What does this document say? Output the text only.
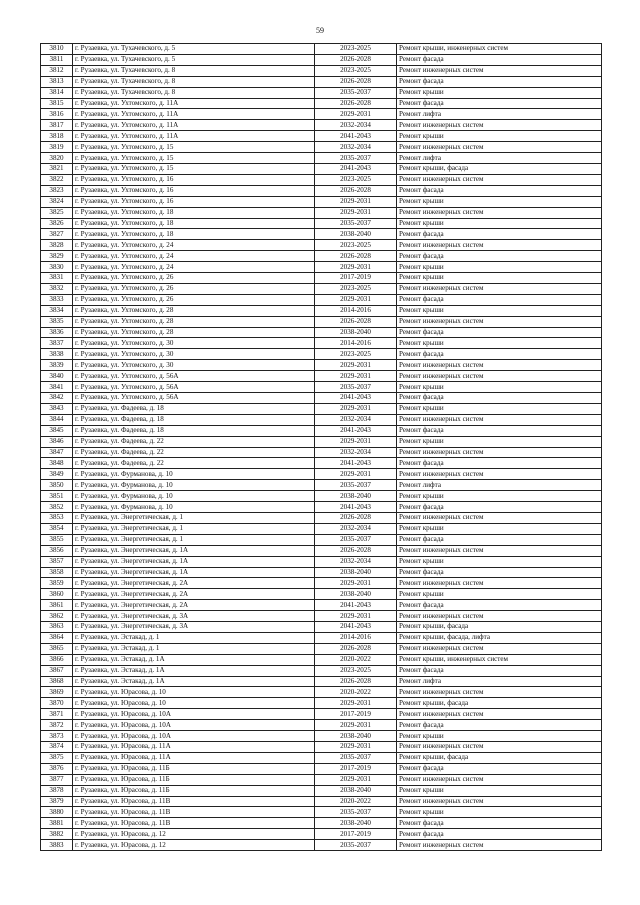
59
3810	г. Рузаевка, ул. Тухачевского, д. 5	2023-2025	Ремонт крыши, инженерных систем
3811	г. Рузаевка, ул. Тухачевского, д. 5	2026-2028	Ремонт фасада
3812	г. Рузаевка, ул. Тухачевского, д. 8	2023-2025	Ремонт инженерных систем
3813	г. Рузаевка, ул. Тухачевского, д. 8	2026-2028	Ремонт фасада
3814	г. Рузаевка, ул. Тухачевского, д. 8	2035-2037	Ремонт крыши
3815	г. Рузаевка, ул. Ухтомского, д. 11А	2026-2028	Ремонт фасада
3816	г. Рузаевка, ул. Ухтомского, д. 11А	2029-2031	Ремонт лифта
3817	г. Рузаевка, ул. Ухтомского, д. 11А	2032-2034	Ремонт инженерных систем
3818	г. Рузаевка, ул. Ухтомского, д. 11А	2041-2043	Ремонт крыши
3819	г. Рузаевка, ул. Ухтомского, д. 15	2032-2034	Ремонт инженерных систем
3820	г. Рузаевка, ул. Ухтомского, д. 15	2035-2037	Ремонт лифта
3821	г. Рузаевка, ул. Ухтомского, д. 15	2041-2043	Ремонт крыши, фасада
3822	г. Рузаевка, ул. Ухтомского, д. 16	2023-2025	Ремонт инженерных систем
3823	г. Рузаевка, ул. Ухтомского, д. 16	2026-2028	Ремонт фасада
3824	г. Рузаевка, ул. Ухтомского, д. 16	2029-2031	Ремонт крыши
3825	г. Рузаевка, ул. Ухтомского, д. 18	2029-2031	Ремонт инженерных систем
3826	г. Рузаевка, ул. Ухтомского, д. 18	2035-2037	Ремонт крыши
3827	г. Рузаевка, ул. Ухтомского, д. 18	2038-2040	Ремонт фасада
3828	г. Рузаевка, ул. Ухтомского, д. 24	2023-2025	Ремонт инженерных систем
3829	г. Рузаевка, ул. Ухтомского, д. 24	2026-2028	Ремонт фасада
3830	г. Рузаевка, ул. Ухтомского, д. 24	2029-2031	Ремонт крыши
3831	г. Рузаевка, ул. Ухтомского, д. 26	2017-2019	Ремонт крыши
3832	г. Рузаевка, ул. Ухтомского, д. 26	2023-2025	Ремонт инженерных систем
3833	г. Рузаевка, ул. Ухтомского, д. 26	2029-2031	Ремонт фасада
3834	г. Рузаевка, ул. Ухтомского, д. 28	2014-2016	Ремонт крыши
3835	г. Рузаевка, ул. Ухтомского, д. 28	2026-2028	Ремонт инженерных систем
3836	г. Рузаевка, ул. Ухтомского, д. 28	2038-2040	Ремонт фасада
3837	г. Рузаевка, ул. Ухтомского, д. 30	2014-2016	Ремонт крыши
3838	г. Рузаевка, ул. Ухтомского, д. 30	2023-2025	Ремонт фасада
3839	г. Рузаевка, ул. Ухтомского, д. 30	2029-2031	Ремонт инженерных систем
3840	г. Рузаевка, ул. Ухтомского, д. 56А	2029-2031	Ремонт инженерных систем
3841	г. Рузаевка, ул. Ухтомского, д. 56А	2035-2037	Ремонт крыши
3842	г. Рузаевка, ул. Ухтомского, д. 56А	2041-2043	Ремонт фасада
3843	г. Рузаевка, ул. Фадеева, д. 18	2029-2031	Ремонт крыши
3844	г. Рузаевка, ул. Фадеева, д. 18	2032-2034	Ремонт инженерных систем
3845	г. Рузаевка, ул. Фадеева, д. 18	2041-2043	Ремонт фасада
3846	г. Рузаевка, ул. Фадеева, д. 22	2029-2031	Ремонт крыши
3847	г. Рузаевка, ул. Фадеева, д. 22	2032-2034	Ремонт инженерных систем
3848	г. Рузаевка, ул. Фадеева, д. 22	2041-2043	Ремонт фасада
3849	г. Рузаевка, ул. Фурманова, д. 10	2029-2031	Ремонт инженерных систем
3850	г. Рузаевка, ул. Фурманова, д. 10	2035-2037	Ремонт лифта
3851	г. Рузаевка, ул. Фурманова, д. 10	2038-2040	Ремонт крыши
3852	г. Рузаевка, ул. Фурманова, д. 10	2041-2043	Ремонт фасада
3853	г. Рузаевка, ул. Энергетическая, д. 1	2026-2028	Ремонт инженерных систем
3854	г. Рузаевка, ул. Энергетическая, д. 1	2032-2034	Ремонт крыши
3855	г. Рузаевка, ул. Энергетическая, д. 1	2035-2037	Ремонт фасада
3856	г. Рузаевка, ул. Энергетическая, д. 1А	2026-2028	Ремонт инженерных систем
3857	г. Рузаевка, ул. Энергетическая, д. 1А	2032-2034	Ремонт крыши
3858	г. Рузаевка, ул. Энергетическая, д. 1А	2038-2040	Ремонт фасада
3859	г. Рузаевка, ул. Энергетическая, д. 2А	2029-2031	Ремонт инженерных систем
3860	г. Рузаевка, ул. Энергетическая, д. 2А	2038-2040	Ремонт крыши
3861	г. Рузаевка, ул. Энергетическая, д. 2А	2041-2043	Ремонт фасада
3862	г. Рузаевка, ул. Энергетическая, д. 3А	2029-2031	Ремонт инженерных систем
3863	г. Рузаевка, ул. Энергетическая, д. 3А	2041-2043	Ремонт крыши, фасада
3864	г. Рузаевка, ул. Эстакад, д. 1	2014-2016	Ремонт крыши, фасада, лифта
3865	г. Рузаевка, ул. Эстакад, д. 1	2026-2028	Ремонт инженерных систем
3866	г. Рузаевка, ул. Эстакад, д. 1А	2020-2022	Ремонт крыши, инженерных систем
3867	г. Рузаевка, ул. Эстакад, д. 1А	2023-2025	Ремонт фасада
3868	г. Рузаевка, ул. Эстакад, д. 1А	2026-2028	Ремонт лифта
3869	г. Рузаевка, ул. Юрасова, д. 10	2020-2022	Ремонт инженерных систем
3870	г. Рузаевка, ул. Юрасова, д. 10	2029-2031	Ремонт крыши, фасада
3871	г. Рузаевка, ул. Юрасова, д. 10А	2017-2019	Ремонт инженерных систем
3872	г. Рузаевка, ул. Юрасова, д. 10А	2029-2031	Ремонт фасада
3873	г. Рузаевка, ул. Юрасова, д. 10А	2038-2040	Ремонт крыши
3874	г. Рузаевка, ул. Юрасова, д. 11А	2029-2031	Ремонт инженерных систем
3875	г. Рузаевка, ул. Юрасова, д. 11А	2035-2037	Ремонт крыши, фасада
3876	г. Рузаевка, ул. Юрасова, д. 11Б	2017-2019	Ремонт фасада
3877	г. Рузаевка, ул. Юрасова, д. 11Б	2029-2031	Ремонт инженерных систем
3878	г. Рузаевка, ул. Юрасова, д. 11Б	2038-2040	Ремонт крыши
3879	г. Рузаевка, ул. Юрасова, д. 11В	2020-2022	Ремонт инженерных систем
3880	г. Рузаевка, ул. Юрасова, д. 11В	2035-2037	Ремонт крыши
3881	г. Рузаевка, ул. Юрасова, д. 11В	2038-2040	Ремонт фасада
3882	г. Рузаевка, ул. Юрасова, д. 12	2017-2019	Ремонт фасада
3883	г. Рузаевка, ул. Юрасова, д. 12	2035-2037	Ремонт инженерных систем
